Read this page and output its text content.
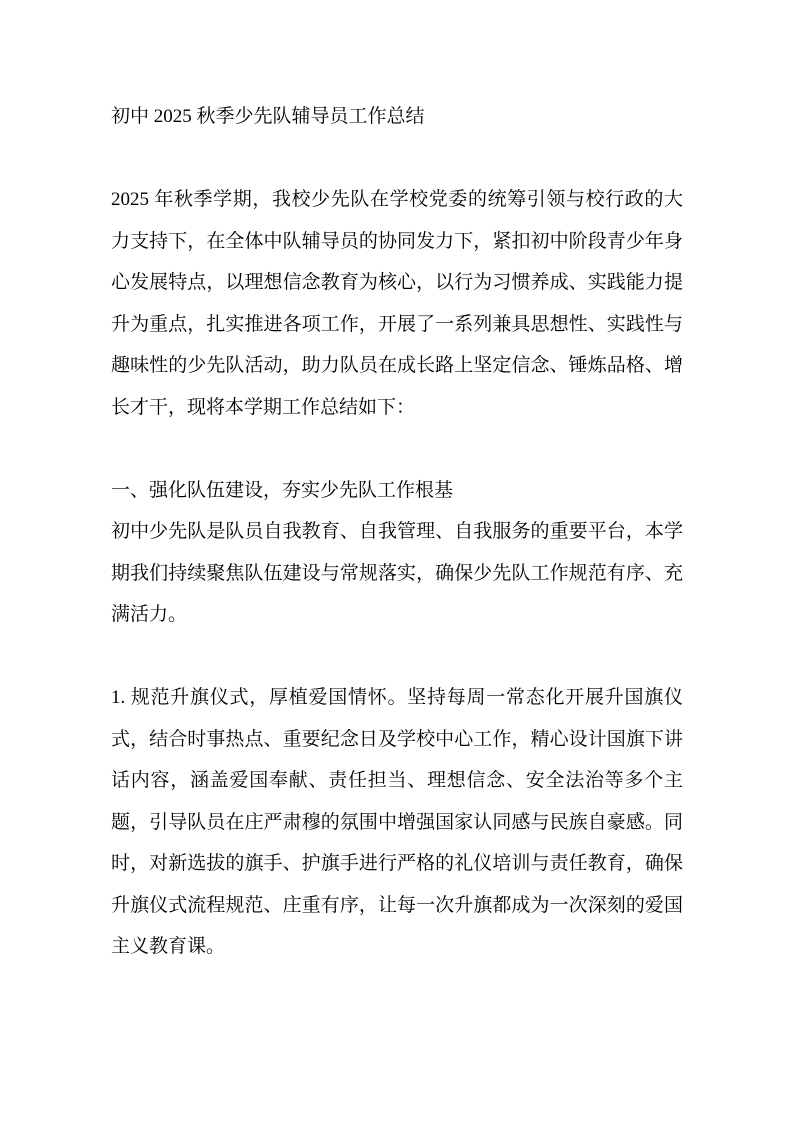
初中 2025 秋季少先队辅导员工作总结

2025 年秋季学期，我校少先队在学校党委的统筹引领与校行政的大力支持下，在全体中队辅导员的协同发力下，紧扣初中阶段青少年身心发展特点，以理想信念教育为核心，以行为习惯养成、实践能力提升为重点，扎实推进各项工作，开展了一系列兼具思想性、实践性与趣味性的少先队活动，助力队员在成长路上坚定信念、锤炼品格、增长才干，现将本学期工作总结如下：

一、强化队伍建设，夯实少先队工作根基

初中少先队是队员自我教育、自我管理、自我服务的重要平台，本学期我们持续聚焦队伍建设与常规落实，确保少先队工作规范有序、充满活力。

1. 规范升旗仪式，厚植爱国情怀。坚持每周一常态化开展升国旗仪式，结合时事热点、重要纪念日及学校中心工作，精心设计国旗下讲话内容，涵盖爱国奉献、责任担当、理想信念、安全法治等多个主题，引导队员在庄严肃穆的氛围中增强国家认同感与民族自豪感。同时，对新选拔的旗手、护旗手进行严格的礼仪培训与责任教育，确保升旗仪式流程规范、庄重有序，让每一次升旗都成为一次深刻的爱国主义教育课。
